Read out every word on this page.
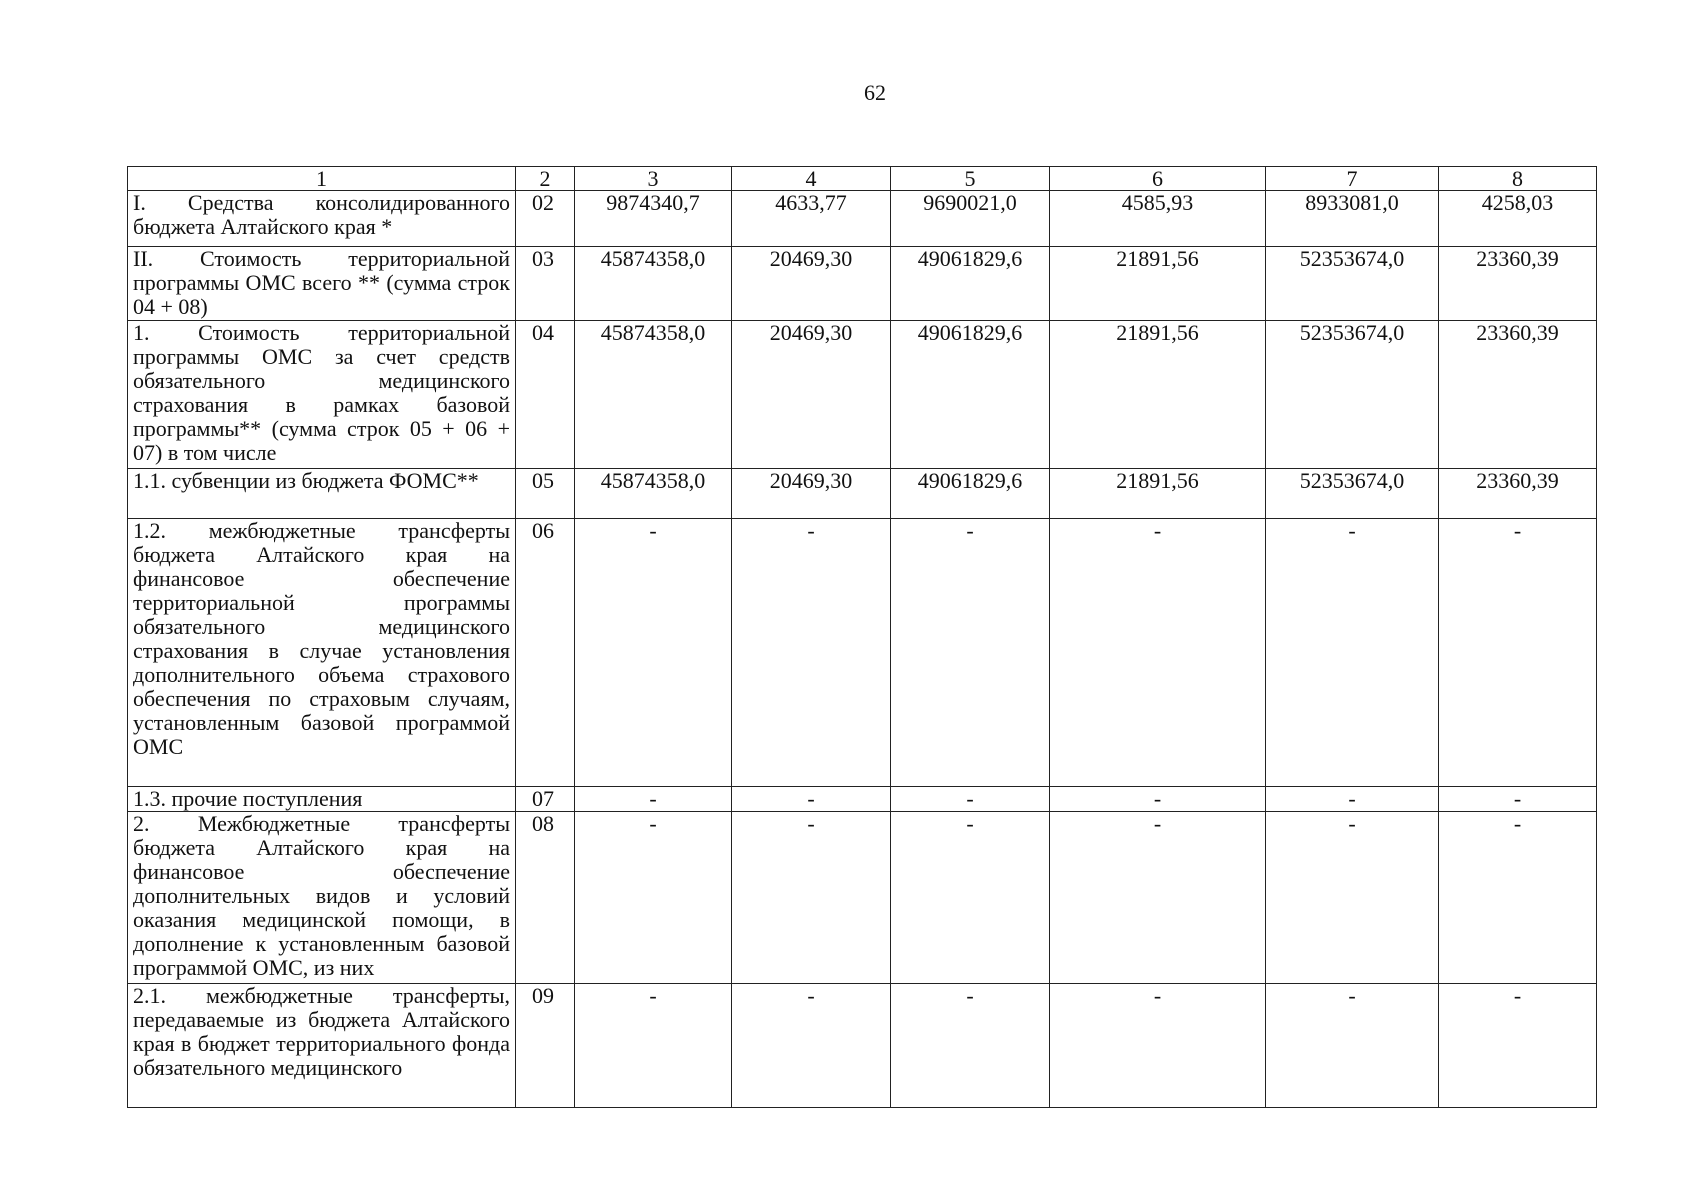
62
1	2	3	4	5	6	7	8
I. Средства консолидированного бюджета Алтайского края *	02	9874340,7	4633,77	9690021,0	4585,93	8933081,0	4258,03
II. Стоимость территориальной программы ОМС всего ** (сумма строк 04 + 08)	03	45874358,0	20469,30	49061829,6	21891,56	52353674,0	23360,39
1. Стоимость территориальной программы ОМС за счет средств обязательного медицинского страхования в рамках базовой программы** (сумма строк 05 + 06 + 07) в том числе	04	45874358,0	20469,30	49061829,6	21891,56	52353674,0	23360,39
1.1. субвенции из бюджета ФОМС**	05	45874358,0	20469,30	49061829,6	21891,56	52353674,0	23360,39
1.2. межбюджетные трансферты бюджета Алтайского края на финансовое обеспечение территориальной программы обязательного медицинского страхования в случае установления дополнительного объема страхового обеспечения по страховым случаям, установленным базовой программой ОМС	06	-	-	-	-	-	-
1.3. прочие поступления	07	-	-	-	-	-	-
2. Межбюджетные трансферты бюджета Алтайского края на финансовое обеспечение дополнительных видов и условий оказания медицинской помощи, в дополнение к установленным базовой программой ОМС, из них	08	-	-	-	-	-	-
2.1. межбюджетные трансферты, передаваемые из бюджета Алтайского края в бюджет территориального фонда обязательного медицинского	09	-	-	-	-	-	-
